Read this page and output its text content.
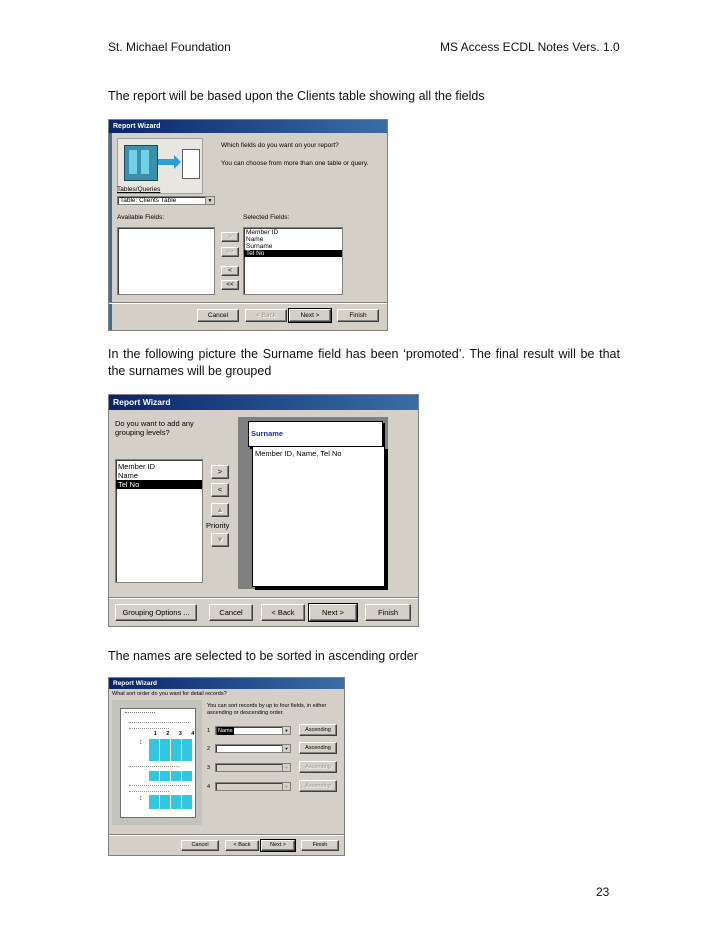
St. Michael Foundation	MS Access ECDL Notes Vers. 1.0
The report will be based upon the Clients table showing all the fields
Report Wizard
Which fields do you want on your report?
You can choose from more than one table or query.
Tables/Queries
Table: Clients Table	▼
Available Fields:
>
>>
<
<<
Selected Fields:
Member ID
Name
Surname
Tel No
Cancel	< Back	Next >	Finish
In the following picture the Surname field has been ‘promoted’. The final result will be that the surnames will be grouped
Report Wizard
Do you want to add any grouping levels?
Member ID
Name
Tel No
>
<
▲
Priority
▼
Surname
Member ID, Name, Tel No
Grouping Options ...	Cancel	< Back	Next >	Finish
The names are selected to be sorted in ascending order
Report Wizard
What sort order do you want for detail records?
1 2 3 4
↕
↕
You can sort records by up to four fields, in either ascending or descending order.
1 Name	▼	Ascending
2	▼	Ascending
3	▼	Ascending
4	▼	Ascending
Cancel	< Back	Next >	Finish
23
